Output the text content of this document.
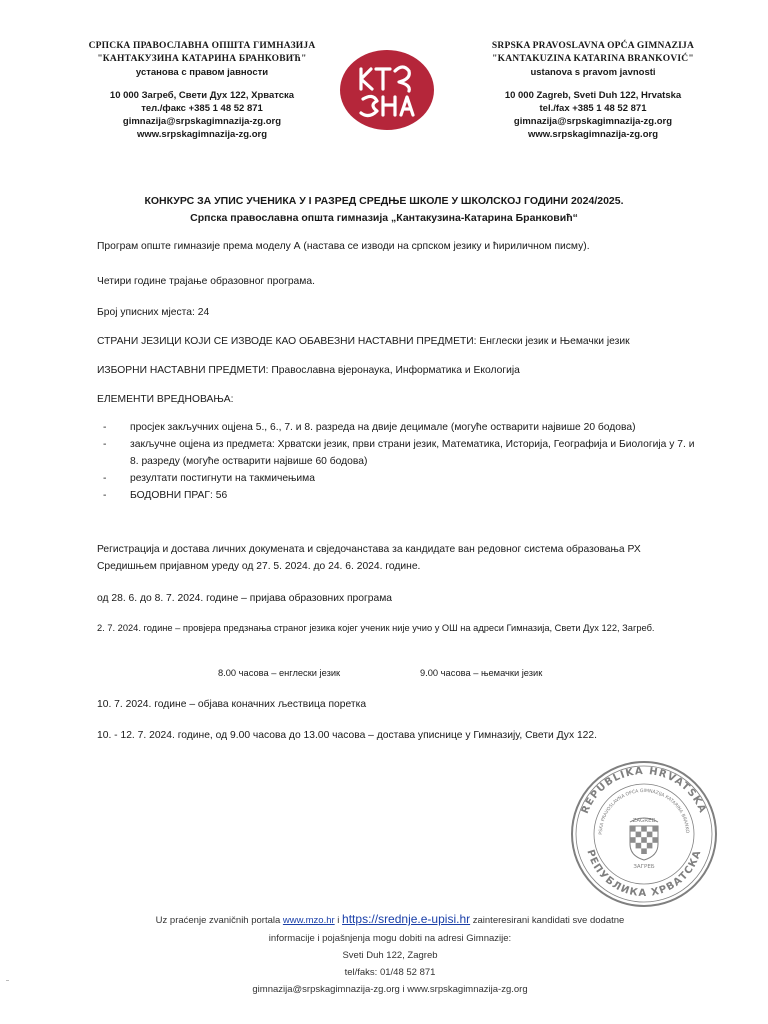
СРПСКА ПРАВОСЛАВНА ОПШТА ГИМНАЗИЈА
"КАНТАКУЗИНА КАТАРИНА БРАНКОВИЋ"
установа с правом јавности
10 000 Загреб, Свети Дух 122, Хрватска
тел./факс +385 1 48 52 871
gimnazija@srpskagimnazija-zg.org
www.srpskagimnazija-zg.org
SRPSKA PRAVOSLAVNA OPĆA GIMNAZIJA
"KANTAKUZINA KATARINA BRANKOVIĆ"
ustanova s pravom javnosti
10 000 Zagreb, Sveti Duh 122, Hrvatska
tel./fax +385 1 48 52 871
gimnazija@srpskagimnazija-zg.org
www.srpskagimnazija-zg.org
КОНКУРС ЗА УПИС УЧЕНИКА У I РАЗРЕД СРЕДЊЕ ШКОЛЕ У ШКОЛСКОЈ ГОДИНИ 2024/2025.
Српска православна општа гимназија „Кантакузина-Катарина Бранковић“
Програм опште гимназије према моделу А (настава се изводи на српском језику и ћириличном писму).
Четири године трајање образовног програма.
Број уписних мјеста: 24
СТРАНИ ЈЕЗИЦИ КОЈИ СЕ ИЗВОДЕ КАО ОБАВЕЗНИ НАСТАВНИ ПРЕДМЕТИ: Енглески језик и Њемачки језик
ИЗБОРНИ НАСТАВНИ ПРЕДМЕТИ: Православна вјеронаука, Информатика и Екологија
ЕЛЕМЕНТИ ВРЕДНОВАЊА:
- просјек закључних оцјена 5., 6., 7. и 8. разреда на двије децимале (могуће остварити највише 20 бодова)
- закључне оцјена из предмета: Хрватски језик, први страни језик, Математика, Историја, Географија и Биологија у 7. и 8. разреду (могуће остварити највише 60 бодова)
- резултати постигнути на такмичењима
- БОДОВНИ ПРАГ: 56
Регистрација и достава личних докумената и свједочанстава за кандидате ван редовног система образовања РХ Средишњем пријавном уреду од 27. 5. 2024. до 24. 6. 2024. године.
од 28. 6. до 8. 7. 2024. године – пријава образовних програма
2. 7. 2024. године – провјера предзнања страног језика којег ученик није учио у ОШ на адреси Гимназија, Свети Дух 122, Загреб.
8.00 часова – енглески језик	9.00 часова – њемачки језик
10. 7. 2024. године – објава коначних љествица поретка
10. - 12. 7. 2024. године, од 9.00 часова до 13.00 часова – достава уписнице у Гимназију, Свети Дух 122.
REPUBLIKA HRVATSKA
РЕПУБЛИКА ХРВАТСКА
PSKA PRAVOSLAVNA OPĆA GIMNAZIJA KATARINA BRANKO
ZAGREB
ЗАГРЕБ
Uz praćenje zvaničnih portala www.mzo.hr i https://srednje.e-upisi.hr zainteresirani kandidati sve dodatne
informacije i pojašnjenja mogu dobiti na adresi Gimnazije:
Sveti Duh 122, Zagreb
tel/faks: 01/48 52 871
gimnazija@srpskagimnazija-zg.org i www.srpskagimnazija-zg.org
